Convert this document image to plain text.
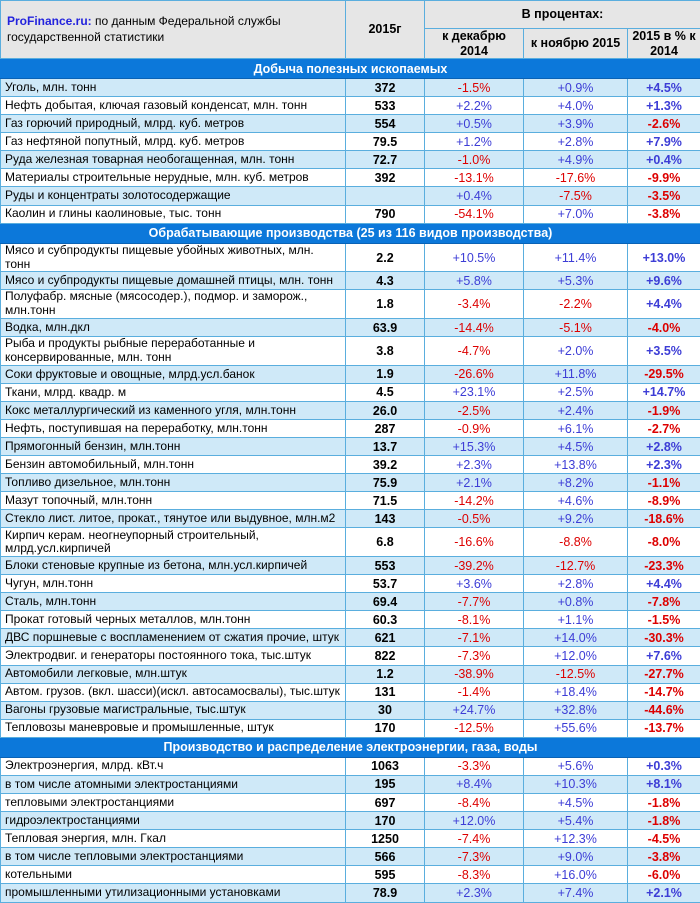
ProFinance.ru: по данным Федеральной службы государственной статистики	2015г	В процентах:		
		к декабрю 2014	к ноябрю 2015	2015 в % к 2014
Добыча полезных ископаемых				
Уголь, млн. тонн	372	-1.5%	+0.9%	+4.5%
Нефть добытая, ключая газовый конденсат, млн. тонн	533	+2.2%	+4.0%	+1.3%
Газ горючий природный, млрд. куб. метров	554	+0.5%	+3.9%	-2.6%
Газ нефтяной попутный, млрд. куб. метров	79.5	+1.2%	+2.8%	+7.9%
Руда железная товарная необогащенная, млн. тонн	72.7	-1.0%	+4.9%	+0.4%
Материалы строительные нерудные, млн. куб. метров	392	-13.1%	-17.6%	-9.9%
Руды и концентраты золотосодержащие		+0.4%	-7.5%	-3.5%
Каолин и глины каолиновые, тыс. тонн	790	-54.1%	+7.0%	-3.8%
Обрабатывающие производства (25 из 116 видов производства)				
Мясо и субпродукты пищевые убойных животных, млн. тонн	2.2	+10.5%	+11.4%	+13.0%
Мясо и субпродукты пищевые домашней птицы, млн. тонн	4.3	+5.8%	+5.3%	+9.6%
Полуфабр. мясные (мясосодер.), подмор. и заморож., млн.тонн	1.8	-3.4%	-2.2%	+4.4%
Водка, млн.дкл	63.9	-14.4%	-5.1%	-4.0%
Рыба и продукты рыбные переработанные и консервированные, млн. тонн	3.8	-4.7%	+2.0%	+3.5%
Соки фруктовые и овощные, млрд.усл.банок	1.9	-26.6%	+11.8%	-29.5%
Ткани, млрд. квадр. м	4.5	+23.1%	+2.5%	+14.7%
Кокс металлургический из каменного угля, млн.тонн	26.0	-2.5%	+2.4%	-1.9%
Нефть, поступившая на переработку, млн.тонн	287	-0.9%	+6.1%	-2.7%
Прямогонный бензин, млн.тонн	13.7	+15.3%	+4.5%	+2.8%
Бензин автомобильный, млн.тонн	39.2	+2.3%	+13.8%	+2.3%
Топливо дизельное, млн.тонн	75.9	+2.1%	+8.2%	-1.1%
Мазут топочный, млн.тонн	71.5	-14.2%	+4.6%	-8.9%
Стекло лист. литое, прокат., тянутое или выдувное, млн.м2	143	-0.5%	+9.2%	-18.6%
Кирпич керам. неогнеупорный строительный, млрд.усл.кирпичей	6.8	-16.6%	-8.8%	-8.0%
Блоки стеновые крупные из бетона, млн.усл.кирпичей	553	-39.2%	-12.7%	-23.3%
Чугун, млн.тонн	53.7	+3.6%	+2.8%	+4.4%
Сталь, млн.тонн	69.4	-7.7%	+0.8%	-7.8%
Прокат готовый черных металлов, млн.тонн	60.3	-8.1%	+1.1%	-1.5%
ДВС поршневые с воспламенением от сжатия прочие, штук	621	-7.1%	+14.0%	-30.3%
Электродвиг. и генераторы постоянного тока, тыс.штук	822	-7.3%	+12.0%	+7.6%
Автомобили легковые, млн.штук	1.2	-38.9%	-12.5%	-27.7%
Автом. грузов. (вкл. шасси)(искл. автосамосвалы), тыс.штук	131	-1.4%	+18.4%	-14.7%
Вагоны грузовые магистральные, тыс.штук	30	+24.7%	+32.8%	-44.6%
Тепловозы маневровые и промышленные, штук	170	-12.5%	+55.6%	-13.7%
Производство и распределение электроэнергии, газа, воды				
Электроэнергия, млрд. кВт.ч	1063	-3.3%	+5.6%	+0.3%
в том числе атомными электростанциями	195	+8.4%	+10.3%	+8.1%
тепловыми электростанциями	697	-8.4%	+4.5%	-1.8%
гидроэлектростанциями	170	+12.0%	+5.4%	-1.8%
Тепловая энергия, млн. Гкал	1250	-7.4%	+12.3%	-4.5%
в том числе тепловыми электростанциями	566	-7.3%	+9.0%	-3.8%
котельными	595	-8.3%	+16.0%	-6.0%
промышленными утилизационными установками	78.9	+2.3%	+7.4%	+2.1%
